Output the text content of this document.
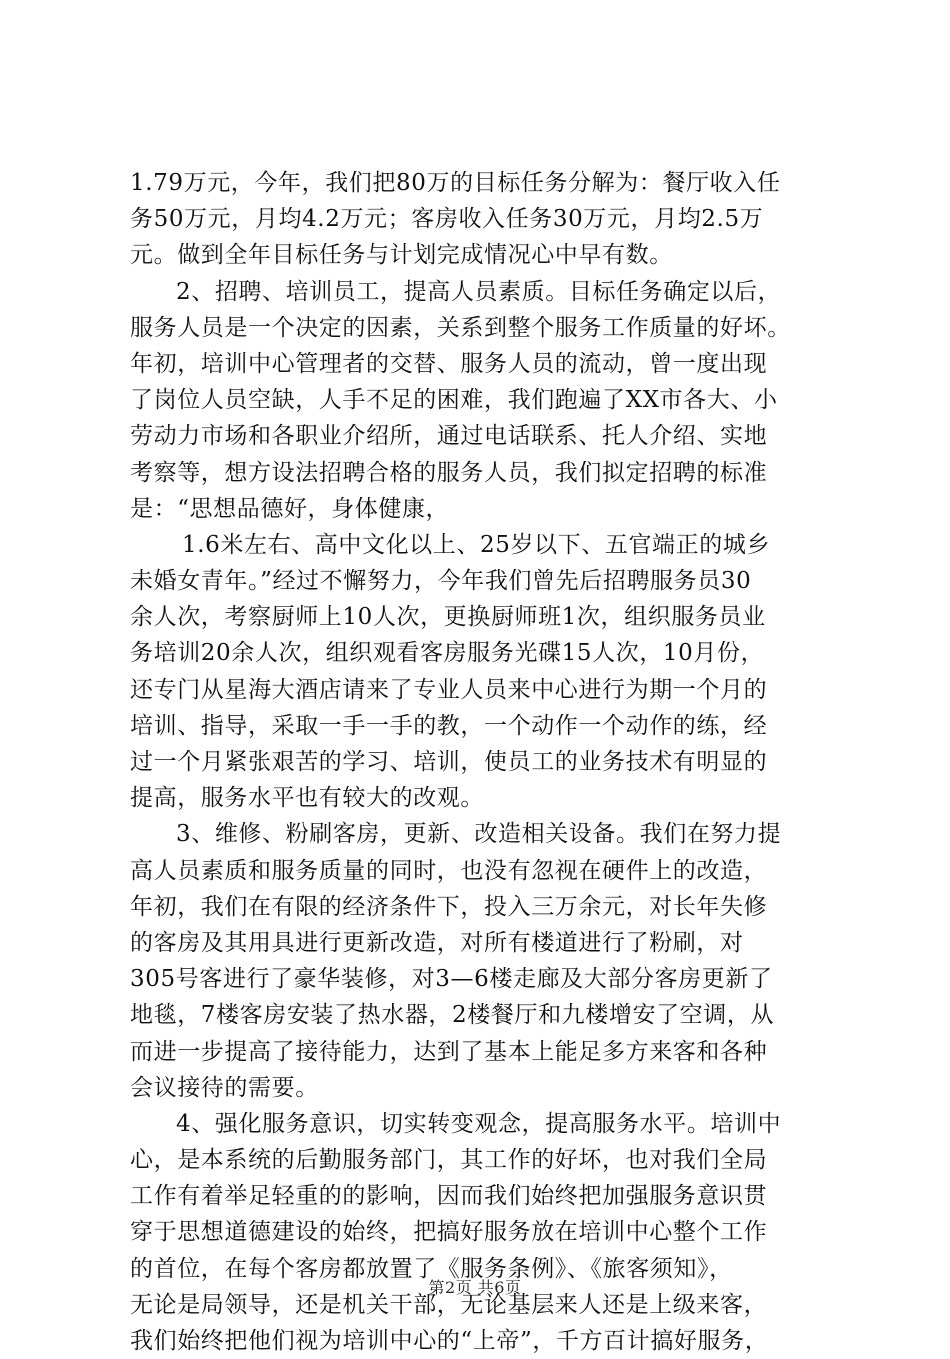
1.79万元，今年，我们把80万的目标任务分解为：餐厅收入任
务50万元，月均4.2万元；客房收入任务30万元，月均2.5万
元。做到全年目标任务与计划完成情况心中早有数。
2、招聘、培训员工，提高人员素质。目标任务确定以后，
服务人员是一个决定的因素，关系到整个服务工作质量的好坏。
年初，培训中心管理者的交替、服务人员的流动，曾一度出现
了岗位人员空缺，人手不足的困难，我们跑遍了XX市各大、小
劳动力市场和各职业介绍所，通过电话联系、托人介绍、实地
考察等，想方设法招聘合格的服务人员，我们拟定招聘的标准
是：“思想品德好，身体健康，
1.6米左右、高中文化以上、25岁以下、五官端正的城乡
未婚女青年。”经过不懈努力，今年我们曾先后招聘服务员30
余人次，考察厨师上10人次，更换厨师班1次，组织服务员业
务培训20余人次，组织观看客房服务光碟15人次，10月份，
还专门从星海大酒店请来了专业人员来中心进行为期一个月的
培训、指导，采取一手一手的教，一个动作一个动作的练，经
过一个月紧张艰苦的学习、培训，使员工的业务技术有明显的
提高，服务水平也有较大的改观。
3、维修、粉刷客房，更新、改造相关设备。我们在努力提
高人员素质和服务质量的同时，也没有忽视在硬件上的改造，
年初，我们在有限的经济条件下，投入三万余元，对长年失修
的客房及其用具进行更新改造，对所有楼道进行了粉刷，对
305号客进行了豪华装修，对3—6楼走廊及大部分客房更新了
地毯，7楼客房安装了热水器，2楼餐厅和九楼增安了空调，从
而进一步提高了接待能力，达到了基本上能足多方来客和各种
会议接待的需要。
4、强化服务意识，切实转变观念，提高服务水平。培训中
心，是本系统的后勤服务部门，其工作的好坏，也对我们全局
工作有着举足轻重的的影响，因而我们始终把加强服务意识贯
穿于思想道德建设的始终，把搞好服务放在培训中心整个工作
的首位，在每个客房都放置了《服务条例》、《旅客须知》，
无论是局领导，还是机关干部，无论基层来人还是上级来客，
我们始终把他们视为培训中心的“上帝”，千方百计搞好服务，
第2页 共6页
